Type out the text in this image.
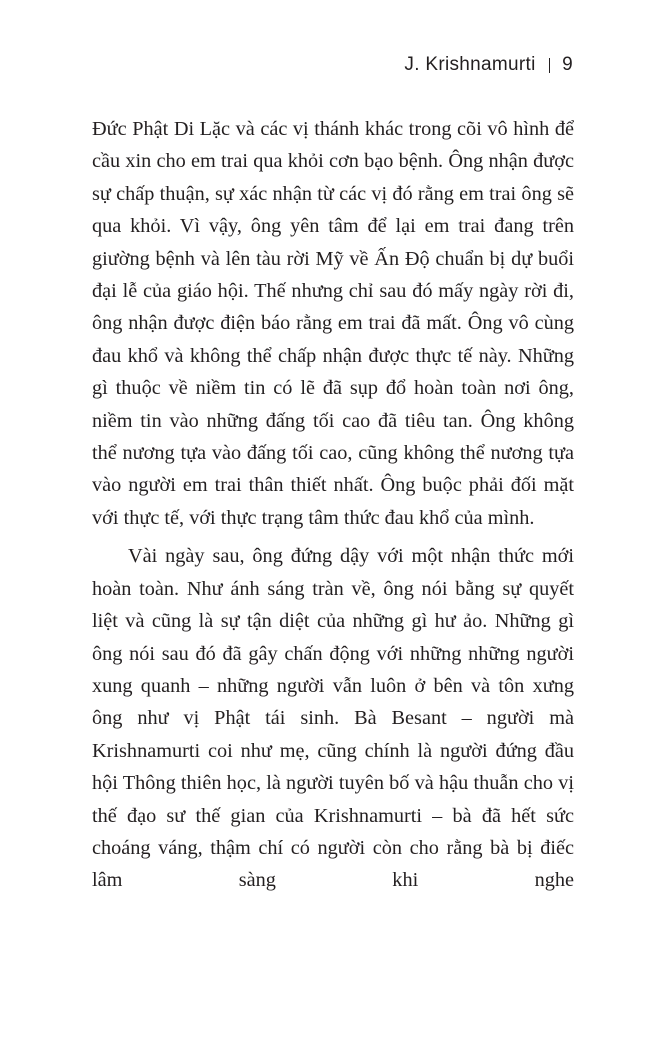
J. Krishnamurti 9

Đức Phật Di Lặc và các vị thánh khác trong cõi vô hình để cầu xin cho em trai qua khỏi cơn bạo bệnh. Ông nhận được sự chấp thuận, sự xác nhận từ các vị đó rằng em trai ông sẽ qua khỏi. Vì vậy, ông yên tâm để lại em trai đang trên giường bệnh và lên tàu rời Mỹ về Ấn Độ chuẩn bị dự buổi đại lễ của giáo hội. Thế nhưng chỉ sau đó mấy ngày rời đi, ông nhận được điện báo rằng em trai đã mất. Ông vô cùng đau khổ và không thể chấp nhận được thực tế này. Những gì thuộc về niềm tin có lẽ đã sụp đổ hoàn toàn nơi ông, niềm tin vào những đấng tối cao đã tiêu tan. Ông không thể nương tựa vào đấng tối cao, cũng không thể nương tựa vào người em trai thân thiết nhất. Ông buộc phải đối mặt với thực tế, với thực trạng tâm thức đau khổ của mình.

Vài ngày sau, ông đứng dậy với một nhận thức mới hoàn toàn. Như ánh sáng tràn về, ông nói bằng sự quyết liệt và cũng là sự tận diệt của những gì hư ảo. Những gì ông nói sau đó đã gây chấn động với những những người xung quanh – những người vẫn luôn ở bên và tôn xưng ông như vị Phật tái sinh. Bà Besant – người mà Krishnamurti coi như mẹ, cũng chính là người đứng đầu hội Thông thiên học, là người tuyên bố và hậu thuẫn cho vị thế đạo sư thế gian của Krishnamurti – bà đã hết sức choáng váng, thậm chí có người còn cho rằng bà bị điếc lâm sàng khi nghe
